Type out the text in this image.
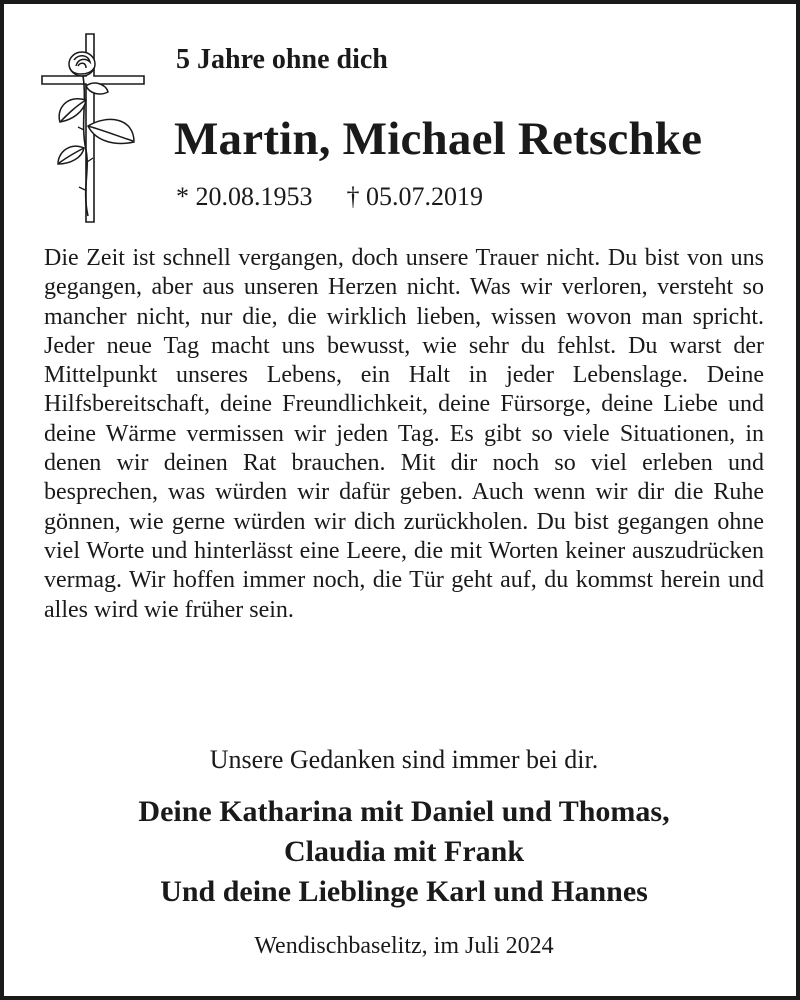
5 Jahre ohne dich
Martin, Michael Retschke
* 20.08.1953 † 05.07.2019
Die Zeit ist schnell vergangen, doch unsere Trauer nicht. Du bist von uns gegangen, aber aus unseren Herzen nicht. Was wir verloren, versteht so mancher nicht, nur die, die wirklich lieben, wissen wovon man spricht. Jeder neue Tag macht uns bewusst, wie sehr du fehlst. Du warst der Mittelpunkt unseres Lebens, ein Halt in jeder Lebenslage. Deine Hilfsbereitschaft, deine Freundlichkeit, deine Fürsorge, deine Liebe und deine Wärme vermissen wir jeden Tag. Es gibt so viele Situationen, in denen wir deinen Rat brauchen. Mit dir noch so viel erleben und besprechen, was würden wir dafür geben. Auch wenn wir dir die Ruhe gönnen, wie gerne würden wir dich zurückholen. Du bist gegangen ohne viel Worte und hinterlässt eine Leere, die mit Worten keiner auszudrücken vermag. Wir hoffen immer noch, die Tür geht auf, du kommst herein und alles wird wie früher sein.
Unsere Gedanken sind immer bei dir.
Deine Katharina mit Daniel und Thomas,
Claudia mit Frank
Und deine Lieblinge Karl und Hannes
Wendischbaselitz, im Juli 2024
